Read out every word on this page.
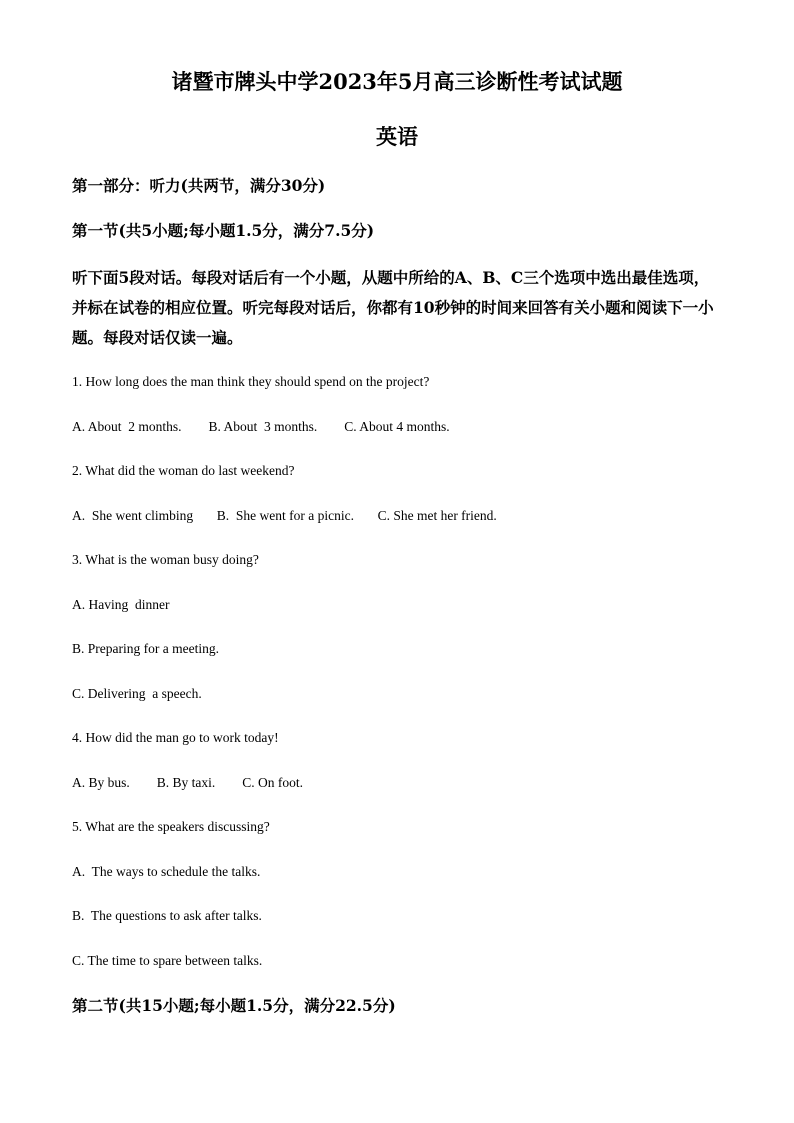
诸暨市牌头中学2023年5月高三诊断性考试试题
英语
第一部分：听力(共两节，满分30分)
第一节(共5小题;每小题1.5分，满分7.5分)
听下面5段对话。每段对话后有一个小题，从题中所给的A、B、C三个选项中选出最佳选项，并标在试卷的相应位置。听完每段对话后，你都有10秒钟的时间来回答有关小题和阅读下一小题。每段对话仅读一遍。
1. How long does the man think they should spend on the project?
A. About  2 months.        B. About  3 months.        C. About 4 months.
2. What did the woman do last weekend?
A.  She went climbing       B.  She went for a picnic.       C. She met her friend.
3. What is the woman busy doing?
A. Having  dinner
B. Preparing for a meeting.
C. Delivering  a speech.
4. How did the man go to work today!
A. By bus.        B. By taxi.        C. On foot.
5. What are the speakers discussing?
A.  The ways to schedule the talks.
B.  The questions to ask after talks.
C. The time to spare between talks.
第二节(共15小题;每小题1.5分，满分22.5分)
